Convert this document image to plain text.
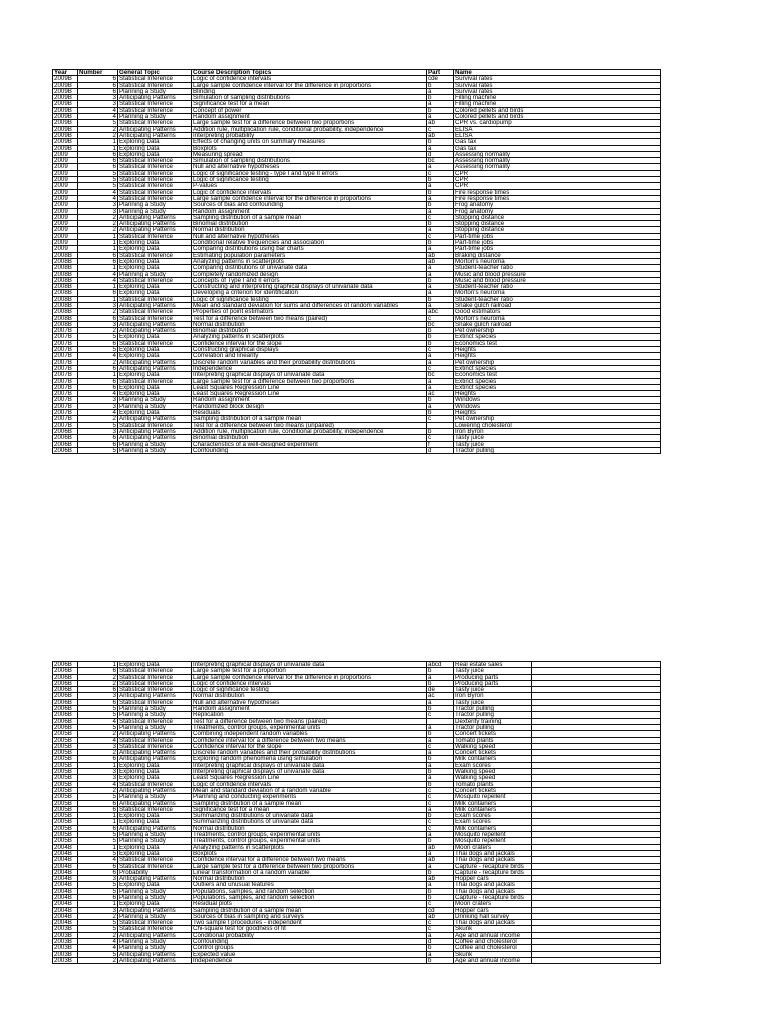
Year	Number	General Topic	Course Description Topics	Part	Name
2009B	6	Statistical Inference	Logic of confidence intervals	cde	Survival rates
2009B	6	Statistical Inference	Large sample confidence interval for the difference in proportions	b	Survival rates
2009B	6	Planning a Study	Blinding	a	Survival rates
2009B	3	Anticipating Patterns	Simulation of sampling distributions	b	Filling machine
2009B	3	Statistical Inference	Significance test for a mean	a	Filling machine
2009B	4	Statistical Inference	Concept of power	b	Colored pellets and birds
2009B	4	Planning a Study	Random assignment	a	Colored pellets and birds
2009B	5	Statistical Inference	Large sample test for a difference between two proportions	ab	CPR vs. cardiopump
2009B	2	Anticipating Patterns	Addition rule, multiplication rule, conditional probability, independence	c	ELISA
2009B	2	Anticipating Patterns	Interpreting probability	ab	ELISA
2009B	1	Exploring Data	Effects of changing units on summary measures	b	Gas tax
2009B	1	Exploring Data	Boxplots	a	Gas tax
2009	6	Exploring Data	Measuring spread	d	Assessing normality
2009	6	Statistical Inference	Simulation of sampling distributions	bc	Assessing normality
2009	6	Statistical Inference	Null and alternative hypotheses	a	Assessing normality
2009	5	Statistical Inference	Logic of significance testing - type I and type II errors	c	CPR
2009	5	Statistical Inference	Logic of significance testing	b	CPR
2009	5	Statistical Inference	P-values	a	CPR
2009	4	Statistical Inference	Logic of confidence intervals	b	Fire response times
2009	4	Statistical Inference	Large sample confidence interval for the difference in proportions	a	Fire response times
2009	3	Planning a Study	Sources of bias and confounding	b	Frog anatomy
2009	3	Planning a Study	Random assignment	a	Frog anatomy
2009	2	Anticipating Patterns	Sampling distribution of a sample mean	c	Stopping distance
2009	2	Anticipating Patterns	Binomial distribution	b	Stopping distance
2009	2	Anticipating Patterns	Normal distribution	a	Stopping distance
2009	1	Statistical Inference	Null and alternative hypotheses	c	Part-time jobs
2009	1	Exploring Data	Conditional relative frequencies and association	b	Part-time jobs
2009	1	Exploring Data	Comparing distributions using bar charts	a	Part-time jobs
2008B	6	Statistical Inference	Estimating population parameters	ab	Braking distance
2008B	6	Exploring Data	Analyzing patterns in scatterplots	ab	Morton's neuroma
2008B	1	Exploring Data	Comparing distributions of univariate data	a	Student-teacher ratio
2008B	4	Planning a Study	Completely randomized design	a	Music and blood pressure
2008B	4	Statistical Inference	Concepts of Type I and II errors	b	Music and blood pressure
2008B	1	Exploring Data	Constructing and interpreting graphical displays of univariate data	a	Student-teacher ratio
2008B	6	Exploring Data	Developing a criterion for identification	a	Morton's neuroma
2008B	1	Statistical Inference	Logic of significance testing	b	Student-teacher ratio
2008B	3	Anticipating Patterns	Mean and standard deviation for sums and differences of random variables	a	Snake gulch railroad
2008B	2	Statistical Inference	Properties of point estimators	abc	Good estimators
2008B	6	Statistical Inference	Test for a difference between two means (paired)	c	Morton's neuroma
2008B	3	Anticipating Patterns	Normal distribution	bc	Snake gulch railroad
2007B	2	Anticipating Patterns	Binomial distribution	b	Pet ownership
2007B	5	Exploring Data	Analyzing patterns in scatterplots	b	Extinct species
2007B	6	Statistical Inference	Confidence interval for the slope	b	Economics test
2007B	5	Exploring Data	Constructing graphical displays	c	Heights
2007B	4	Exploring Data	Correlation and linearity	a	Heights
2007B	2	Anticipating Patterns	Discrete random variables and their probability distributions	a	Pet ownership
2007B	6	Anticipating Patterns	Independence	c	Extinct species
2007B	1	Exploring Data	Interpreting graphical displays of univariate data	bc	Economics test
2007B	6	Statistical Inference	Large sample test for a difference between two proportions	a	Extinct species
2007B	6	Exploring Data	Least Squares Regression Line	a	Extinct species
2007B	4	Exploring Data	Least Squares Regression Line	ac	Heights
2007B	3	Planning a Study	Random assignment	b	Windows
2007B	3	Planning a Study	Randomized block design	a	Windows
2007B	4	Exploring Data	Residuals	b	Heights
2007B	2	Anticipating Patterns	Sampling distribution of a sample mean	c	Pet ownership
2007B	5	Statistical Inference	Test for a difference between two means (unpaired)		Lowering cholesterol
2006B	3	Anticipating Patterns	Addition rule, multiplication rule, conditional probability, independence	b	Iron Byron
2006B	6	Anticipating Patterns	Binomial distribution	c	Tasty juice
2006B	6	Planning a Study	Characteristics of a well-designed experiment	f	Tasty juice
2006B	5	Planning a Study	Confounding	d	Tractor pulling
2006B	1	Exploring Data	Interpreting graphical displays of univariate data	abcd	Real estate sales	
2006B	6	Statistical Inference	Large sample test for a proportion	b	Tasty juice	
2006B	2	Statistical Inference	Large sample confidence interval for the difference in proportions	a	Producing parts	
2006B	2	Statistical Inference	Logic of confidence intervals	b	Producing parts	
2006B	6	Statistical Inference	Logic of significance testing	de	Tasty juice	
2006B	3	Anticipating Patterns	Normal distribution	ac	Iron Byron	
2006B	6	Statistical Inference	Null and alternative hypotheses	a	Tasty juice	
2006B	5	Planning a Study	Random assignment	b	Tractor pulling	
2006B	5	Planning a Study	Replication	c	Tractor pulling	
2006B	4	Statistical Inference	Test for a difference between two means (paired)		Dexterity training	
2006B	5	Planning a Study	Treatments, control groups, experimental units	a	Tractor pulling	
2005B	2	Anticipating Patterns	Combining independent random variables	b	Concert tickets	
2005B	4	Statistical Inference	Confidence interval for a difference between two means	a	Tomato plants	
2005B	3	Statistical Inference	Confidence interval for the slope	c	Walking speed	
2005B	2	Anticipating Patterns	Discrete random variables and their probability distributions	a	Concert tickets	
2005B	6	Anticipating Patterns	Exploring random phenomena using simulation	b	Milk containers	
2005B	1	Exploring Data	Interpreting graphical displays of univariate data	a	Exam scores	
2005B	3	Exploring Data	Interpreting graphical displays of univariate data	b	Walking speed	
2005B	3	Exploring Data	Least Squares Regression Line	a	Walking speed	
2005B	4	Statistical Inference	Logic of confidence intervals	b	Tomato plants	
2005B	2	Anticipating Patterns	Mean and standard deviation of a random variable	c	Concert tickets	
2005B	5	Planning a Study	Planning and conducting experiments	c	Mosquito repellent	
2005B	6	Anticipating Patterns	Sampling distribution of a sample mean	c	Milk containers	
2005B	6	Statistical Inference	Significance test for a mean	a	Milk containers	
2005B	1	Exploring Data	Summarizing distributions of univariate data	b	Exam scores	
2005B	1	Exploring Data	Summarizing distributions of univariate data	c	Exam scores	
2005B	6	Anticipating Patterns	Normal distribution	c	Milk containers	
2005B	5	Planning a Study	Treatments, control groups, experimental units	a	Mosquito repellent	
2005B	5	Planning a Study	Treatments, control groups, experimental units	b	Mosquito repellent	
2004B	1	Exploring Data	Analyzing patterns in scatterplots	ab	Moon craters	
2004B	5	Exploring Data	Boxplots	a	Thai dogs and jackals	
2004B	4	Statistical Inference	Confidence interval for a difference between two means	ab	Thai dogs and jackals	
2004B	6	Statistical Inference	Large sample test for a difference between two proportions	a	Capture - recapture birds	
2004B	6	Probability	Linear transformation of a random variable	b	Capture - recapture birds	
2004B	3	Anticipating Patterns	Normal distribution	ab	Hopper cars	
2004B	5	Exploring Data	Outliers and unusual features	a	Thai dogs and jackals	
2004B	5	Planning a Study	Populations, samples, and random selection	b	Thai dogs and jackals	
2004B	6	Planning a Study	Populations, samples, and random selection	b	Capture - recapture birds	
2004B	1	Exploring Data	Residual plots	c	Moon craters	
2004B	3	Anticipating Patterns	Sampling distribution of a sample mean	cd	Hopper cars	
2004B	2	Planning a Study	Sources of bias in sampling and surveys	ab	Drinking hall survey	
2004B	5	Statistical Inference	Two sample t procedures - independent	c	Thai dogs and jackals	
2003B	5	Statistical Inference	Chi-square test for goodness of fit	c	Skunk	
2003B	2	Anticipating Patterns	Conditional probability	a	Age and annual income	
2003B	4	Planning a Study	Confounding	d	Coffee and cholesterol	
2003B	4	Planning a Study	Control groups	b	Coffee and cholesterol	
2003B	5	Anticipating Patterns	Expected value	a	Skunk	
2003B	2	Anticipating Patterns	Independence	b	Age and annual income	
